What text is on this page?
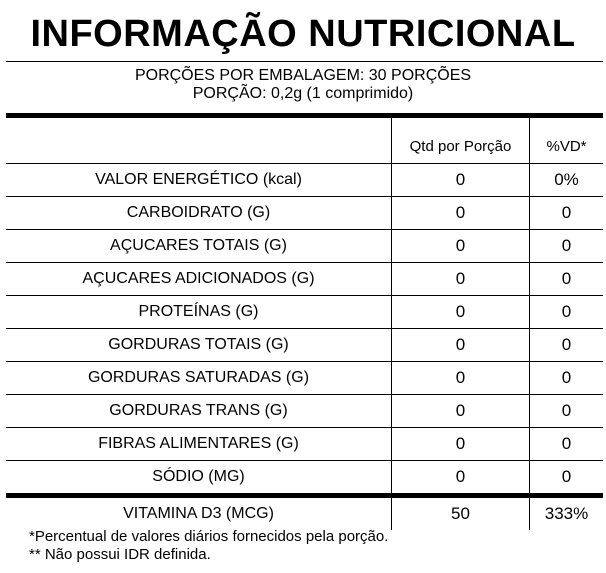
INFORMAÇÃO NUTRICIONAL
PORÇÕES POR EMBALAGEM: 30 PORÇÕES
PORÇÃO: 0,2g (1 comprimido)
	Qtd por Porção	%VD*
VALOR ENERGÉTICO (kcal)	0	0%
CARBOIDRATO (G)	0	0
AÇUCARES TOTAIS (G)	0	0
AÇUCARES ADICIONADOS (G)	0	0
PROTEÍNAS (G)	0	0
GORDURAS TOTAIS (G)	0	0
GORDURAS SATURADAS (G)	0	0
GORDURAS TRANS (G)	0	0
FIBRAS ALIMENTARES (G)	0	0
SÓDIO (MG)	0	0
VITAMINA D3 (MCG)	50	333%
*Percentual de valores diários fornecidos pela porção.
** Não possui IDR definida.
